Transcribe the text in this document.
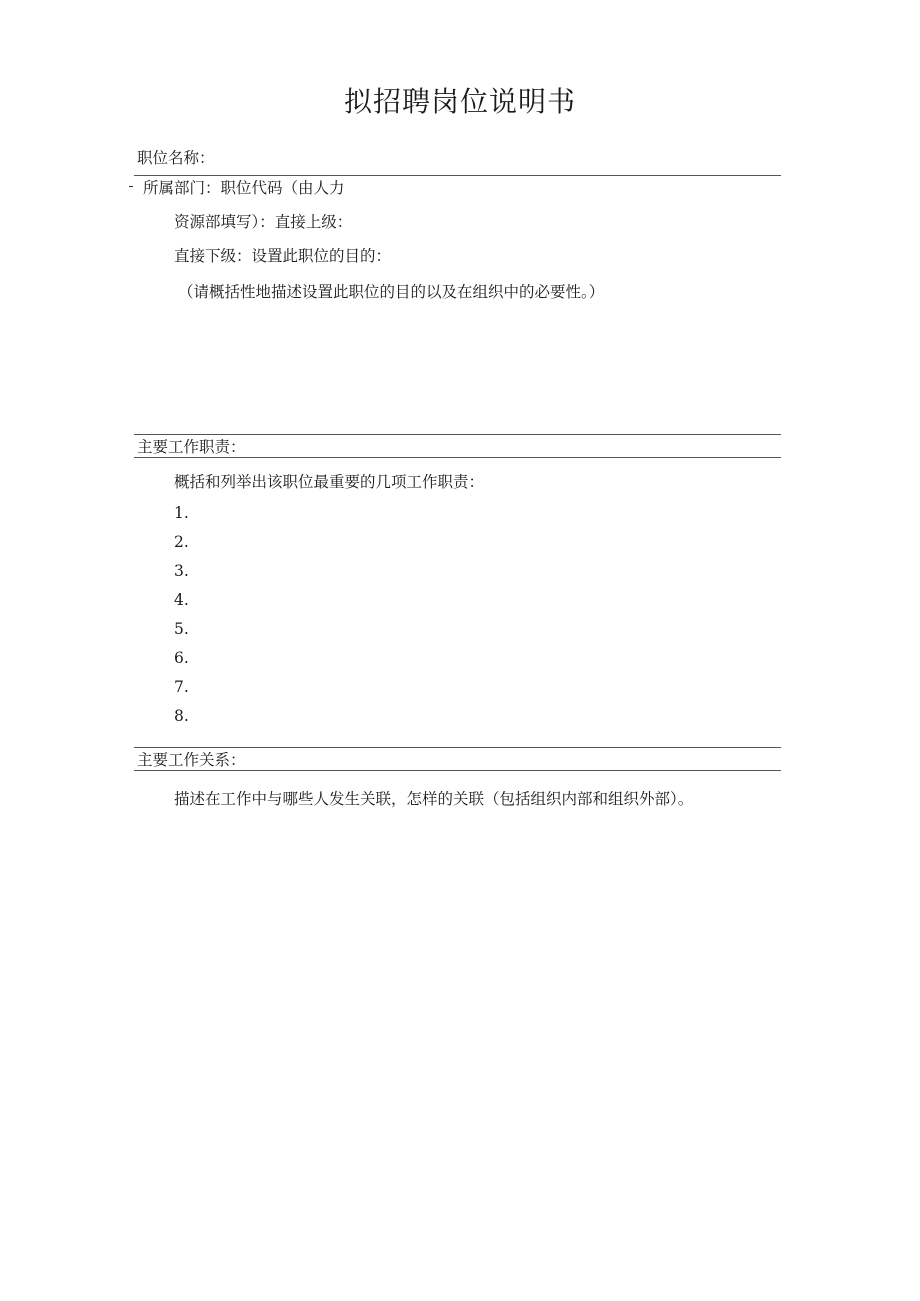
拟招聘岗位说明书
职位名称：
所属部门：职位代码（由人力
资源部填写）：直接上级：
直接下级：设置此职位的目的：
（请概括性地描述设置此职位的目的以及在组织中的必要性。）
主要工作职责：
概括和列举出该职位最重要的几项工作职责：
1.
2.
3.
4.
5.
6.
7.
8.
主要工作关系：
描述在工作中与哪些人发生关联，怎样的关联（包括组织内部和组织外部）。
